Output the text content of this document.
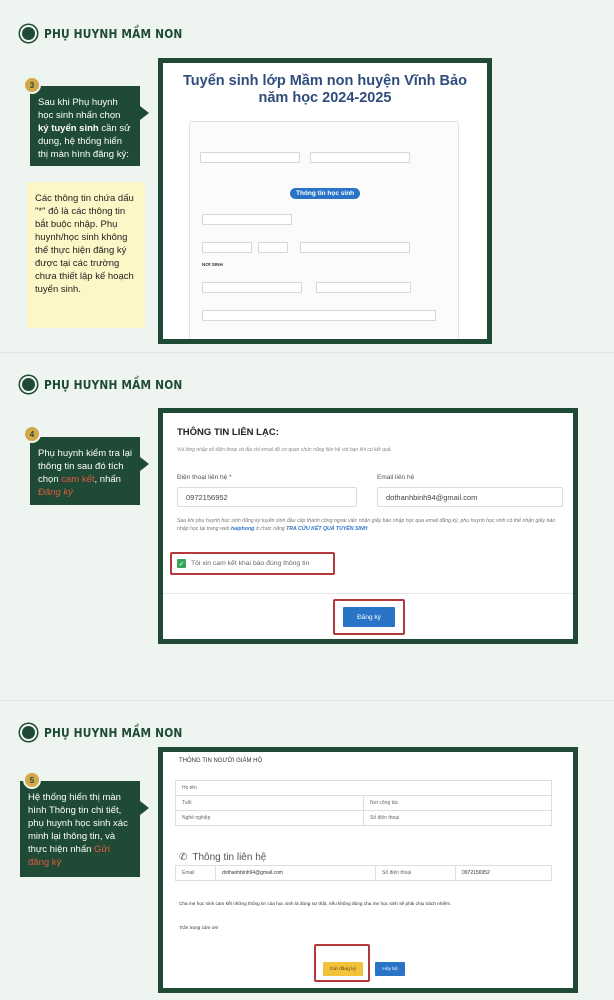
PHỤ HUYNH MẦM NON
Sau khi Phụ huynh học sinh nhấn chọn ký tuyển sinh cần sử dụng, hệ thống hiển thị màn hình đăng ký:
3
Các thông tin chứa dấu "*" đỏ là các thông tin bắt buộc nhập. Phụ huynh/học sinh không thể thực hiện đăng ký được tại các trường chưa thiết lập kế hoạch tuyển sinh.
Tuyển sinh lớp Mầm non huyện Vĩnh Bảo năm học 2024-2025
Thông tin học sinh
NƠI SINH
PHỤ HUYNH MẦM NON
Phụ huynh kiểm tra lại thông tin sau đó tích chọn cam kết, nhấn Đăng ký
4	THÔNG TIN LIÊN LẠC:
Vui lòng nhập số điện thoại và địa chỉ email để cơ quan chức năng liên hệ với bạn khi có kết quả.
Điện thoại liên hệ *
0972156952
Email liên hệ
dothanhbinh94@gmail.com
Sau khi phụ huynh học sinh đăng ký tuyển sinh đầu cấp thành công ngoài việc nhận giấy báo nhập học qua email đăng ký, phụ huynh học sinh có thể nhận giấy báo nhập học tại trang web haiphong ở chức năng TRA CỨU KẾT QUẢ TUYỂN SINH
✓ Tôi xin cam kết khai báo đúng thông tin
Đăng ký
PHỤ HUYNH MẦM NON
Hệ thống hiển thị màn hình Thông tin chi tiết, phụ huynh học sinh xác minh lại thông tin, và thực hiện nhấn Gửi đăng ký
5
THÔNG TIN NGƯỜI GIÁM HỘ
Họ tên	
Tuổi	Nơi công tác
Nghề nghiệp	Số điện thoại
✆ Thông tin liên hệ
Email	dothanhbinh94@gmail.com	Số điện thoại	0972156952
Cha mẹ học sinh cam kết những thông tin của học sinh là đúng sự thật, nếu không đúng cha mẹ học sinh sẽ phải chịu trách nhiệm.
Trân trọng cảm ơn!
Gửi đăng ký	Hủy bỏ
